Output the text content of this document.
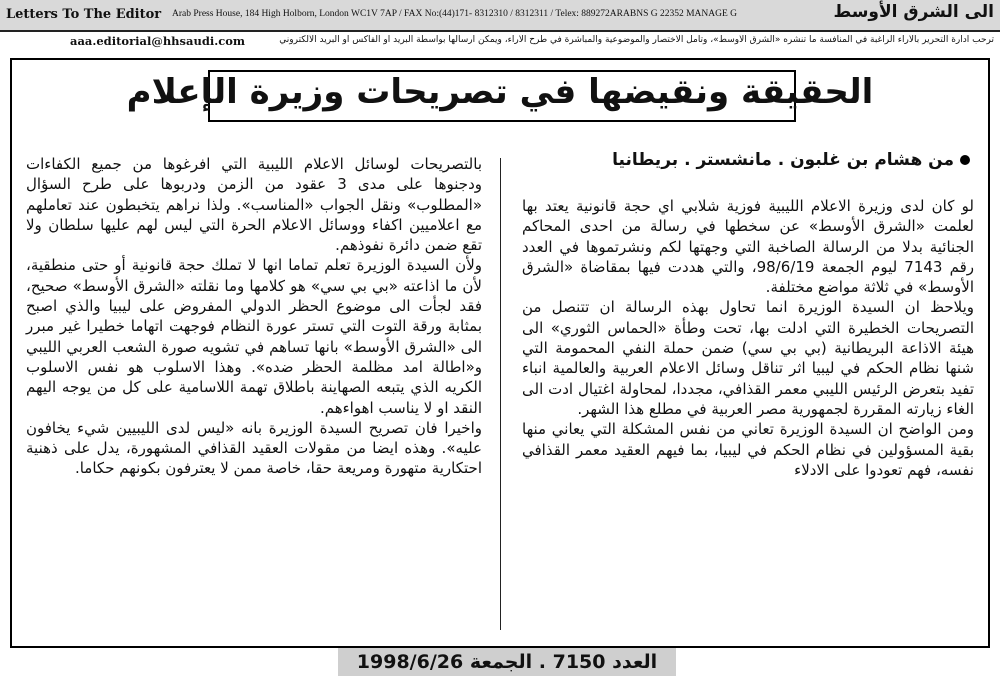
Letters To The Editor Arab Press House, 184 High Holborn, London WC1V 7AP / FAX No:(44)171- 8312310 / 8312311 / Telex: 889272ARABNS G 22352 MANAGE G	الى الشرق الأوسط
ترحب ادارة التحرير بالآراء الراغبة في المنافسة ما تنشره «الشرق الأوسط»، وتأمل الاختصار والموضوعية والمباشرة في طرح الآراء، ويمكن ارسالها بواسطة البريد او الفاكس او البريد الالكتروني
aaa.editorial@hhsaudi.com
الحقيقة ونقيضها في تصريحات وزيرة الإعلام
من هشام بن غلبون . مانشستر . بريطانيا

لو كان لدى وزيرة الاعلام الليبية فوزية شلابي اي حجة قانونية يعتد بها لعلمت «الشرق الأوسط» عن سخطها في رسالة من احدى المحاكم الجنائية بدلا من الرسالة الصاخبة التي وجهتها لكم ونشرتموها في العدد رقم 7143 ليوم الجمعة 98/6/19، والتي هددت فيها بمقاضاة «الشرق الأوسط» في ثلاثة مواضع مختلفة.

ويلاحظ ان السيدة الوزيرة انما تحاول بهذه الرسالة ان تتنصل من التصريحات الخطيرة التي ادلت بها، تحت وطأة «الحماس الثوري» الى هيئة الاذاعة البريطانية (بي بي سي) ضمن حملة النفي المحمومة التي شنها نظام الحكم في ليبيا اثر تناقل وسائل الاعلام العربية والعالمية انباء تفيد بتعرض الرئيس الليبي معمر القذافي، مجددا، لمحاولة اغتيال ادت الى الغاء زيارته المقررة لجمهورية مصر العربية في مطلع هذا الشهر.

ومن الواضح ان السيدة الوزيرة تعاني من نفس المشكلة التي يعاني منها بقية المسؤولين في نظام الحكم في ليبيا، بما فيهم العقيد معمر القذافي نفسه، فهم تعودوا على الادلاء

بالتصريحات لوسائل الاعلام الليبية التي افرغوها من جميع الكفاءات ودجنوها على مدى 3 عقود من الزمن ودربوها على طرح السؤال «المطلوب» ونقل الجواب «المناسب». ولذا نراهم يتخبطون عند تعاملهم مع اعلاميين اكفاء ووسائل الاعلام الحرة التي ليس لهم عليها سلطان ولا تقع ضمن دائرة نفوذهم.

ولأن السيدة الوزيرة تعلم تماما انها لا تملك حجة قانونية أو حتى منطقية، لأن ما اذاعته «بي بي سي» هو كلامها وما نقلته «الشرق الأوسط» صحيح، فقد لجأت الى موضوع الحظر الدولي المفروض على ليبيا والذي اصبح بمثابة ورقة التوت التي تستر عورة النظام فوجهت اتهاما خطيرا غير مبرر الى «الشرق الأوسط» بانها تساهم في تشويه صورة الشعب العربي الليبي و«اطالة امد مظلمة الحظر ضده». وهذا الاسلوب هو نفس الاسلوب الكريه الذي يتبعه الصهاينة باطلاق تهمة اللاسامية على كل من يوجه اليهم النقد او لا يناسب اهواءهم.

واخيرا فان تصريح السيدة الوزيرة بانه «ليس لدى الليبيين شيء يخافون عليه». وهذه ايضا من مقولات العقيد القذافي المشهورة، يدل على ذهنية احتكارية متهورة ومريعة حقا، خاصة ممن لا يعترفون بكونهم حكاما.

العدد 7150 . الجمعة 1998/6/26
